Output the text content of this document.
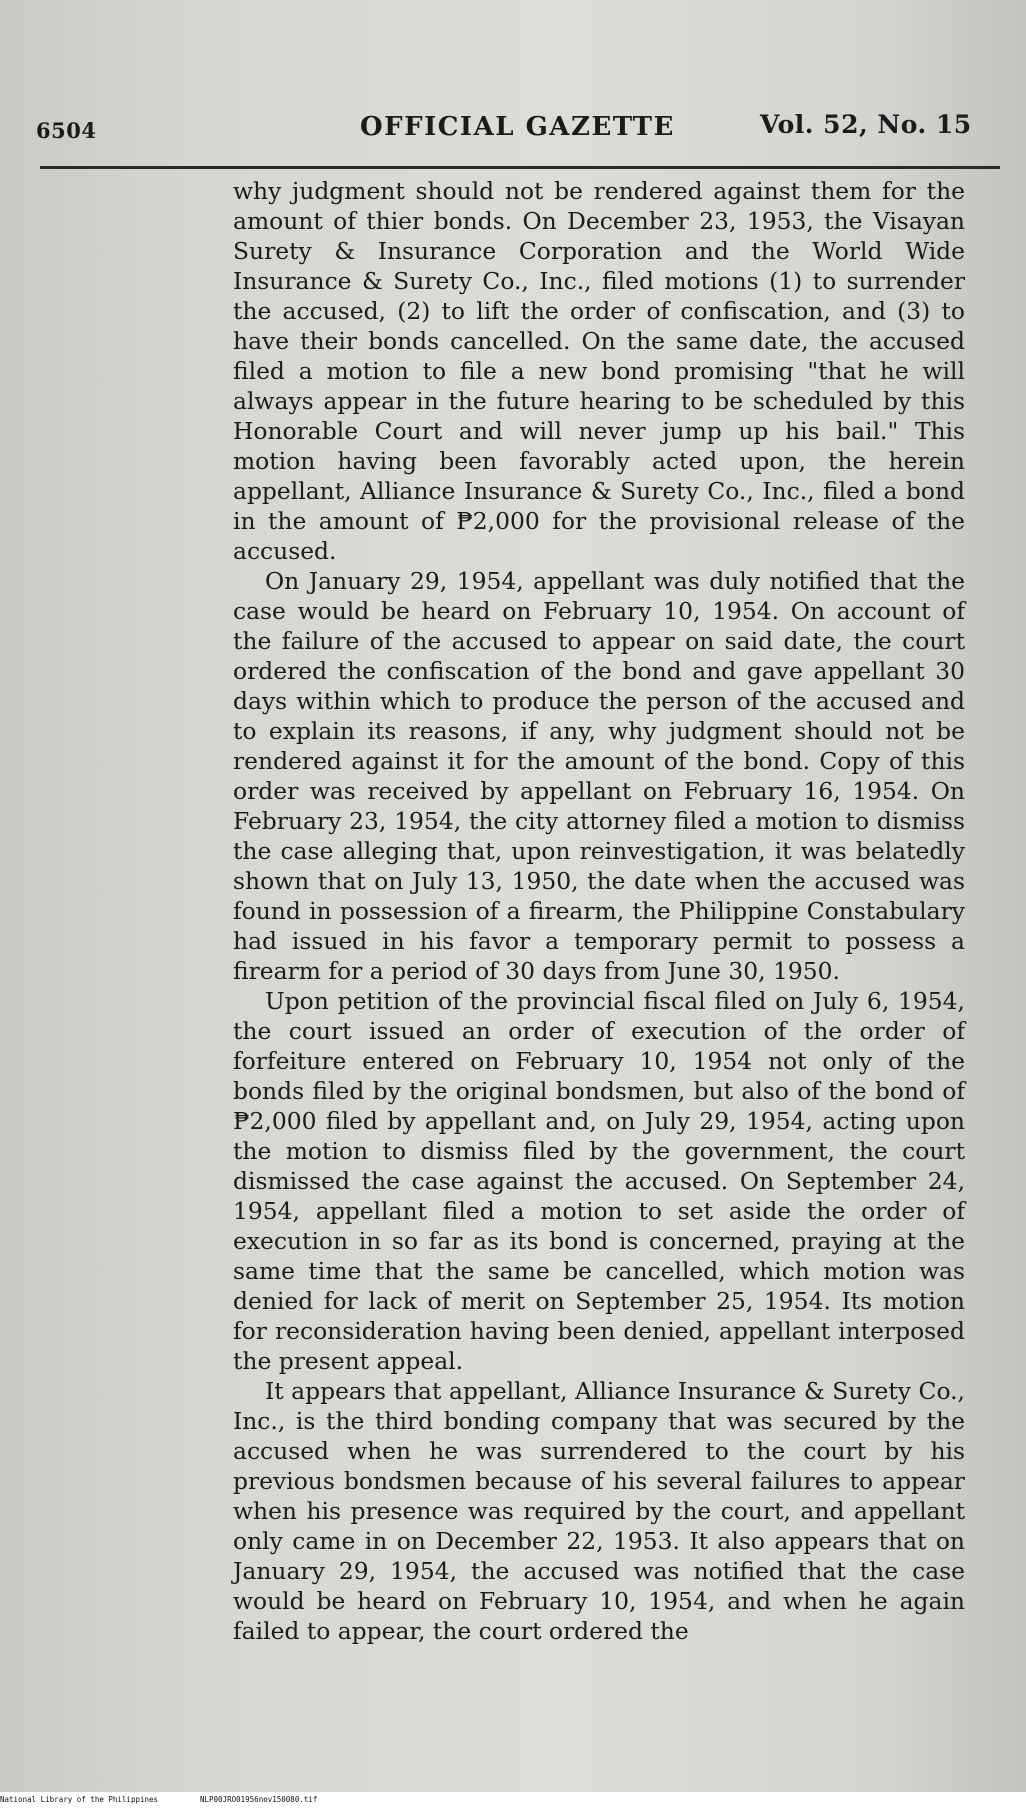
6504	OFFICIAL GAZETTE	Vol. 52, No. 15

why judgment should not be rendered against them for the amount of thier bonds. On December 23, 1953, the Visayan Surety & Insurance Corporation and the World Wide Insurance & Surety Co., Inc., filed motions (1) to surrender the accused, (2) to lift the order of confiscation, and (3) to have their bonds cancelled. On the same date, the accused filed a motion to file a new bond promising "that he will always appear in the future hearing to be scheduled by this Honorable Court and will never jump up his bail." This motion having been favorably acted upon, the herein appellant, Alliance Insurance & Surety Co., Inc., filed a bond in the amount of ₱2,000 for the provisional release of the accused.

On January 29, 1954, appellant was duly notified that the case would be heard on February 10, 1954. On account of the failure of the accused to appear on said date, the court ordered the confiscation of the bond and gave appellant 30 days within which to produce the person of the accused and to explain its reasons, if any, why judgment should not be rendered against it for the amount of the bond. Copy of this order was received by appellant on February 16, 1954. On February 23, 1954, the city attorney filed a motion to dismiss the case alleging that, upon reinvestigation, it was belatedly shown that on July 13, 1950, the date when the accused was found in possession of a firearm, the Philippine Constabulary had issued in his favor a temporary permit to possess a firearm for a period of 30 days from June 30, 1950.

Upon petition of the provincial fiscal filed on July 6, 1954, the court issued an order of execution of the order of forfeiture entered on February 10, 1954 not only of the bonds filed by the original bondsmen, but also of the bond of ₱2,000 filed by appellant and, on July 29, 1954, acting upon the motion to dismiss filed by the government, the court dismissed the case against the accused. On September 24, 1954, appellant filed a motion to set aside the order of execution in so far as its bond is concerned, praying at the same time that the same be cancelled, which motion was denied for lack of merit on September 25, 1954. Its motion for reconsideration having been denied, appellant interposed the present appeal.

It appears that appellant, Alliance Insurance & Surety Co., Inc., is the third bonding company that was secured by the accused when he was surrendered to the court by his previous bondsmen because of his several failures to appear when his presence was required by the court, and appellant only came in on December 22, 1953. It also appears that on January 29, 1954, the accused was notified that the case would be heard on February 10, 1954, and when he again failed to appear, the court ordered the

National Library of the Philippines	NLP00JRO01956nov150080.tif
